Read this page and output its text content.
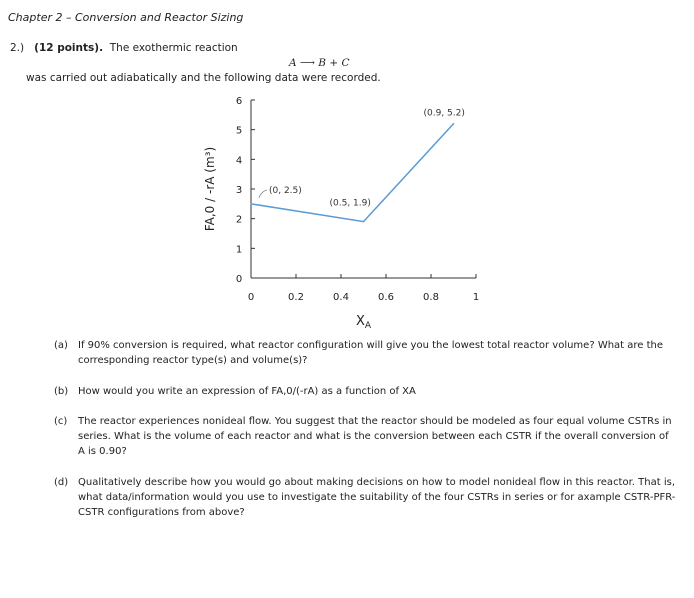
Chapter 2 – Conversion and Reactor Sizing
2.) (12 points). The exothermic reaction
A ⟶ B + C
was carried out adiabatically and the following data were recorded.
0
1
2
3
4
5
6
0	0.2	0.4	0.6	0.8	1
(0, 2.5)
(0.5, 1.9)
(0.9, 5.2)
$X_A$
FA,0 / -rA (m³)
(a) If 90% conversion is required, what reactor configuration will give you the lowest total reactor volume? What are the corresponding reactor type(s) and volume(s)?
(b) How would you write an expression of FA,0/(-rA) as a function of XA
(c) The reactor experiences nonideal flow. You suggest that the reactor should be modeled as four equal volume CSTRs in series. What is the volume of each reactor and what is the conversion between each CSTR if the overall conversion of A is 0.90?
(d) Qualitatively describe how you would go about making decisions on how to model nonideal flow in this reactor. That is, what data/information would you use to investigate the suitability of the four CSTRs in series or for axample CSTR-PFR-CSTR configurations from above?
